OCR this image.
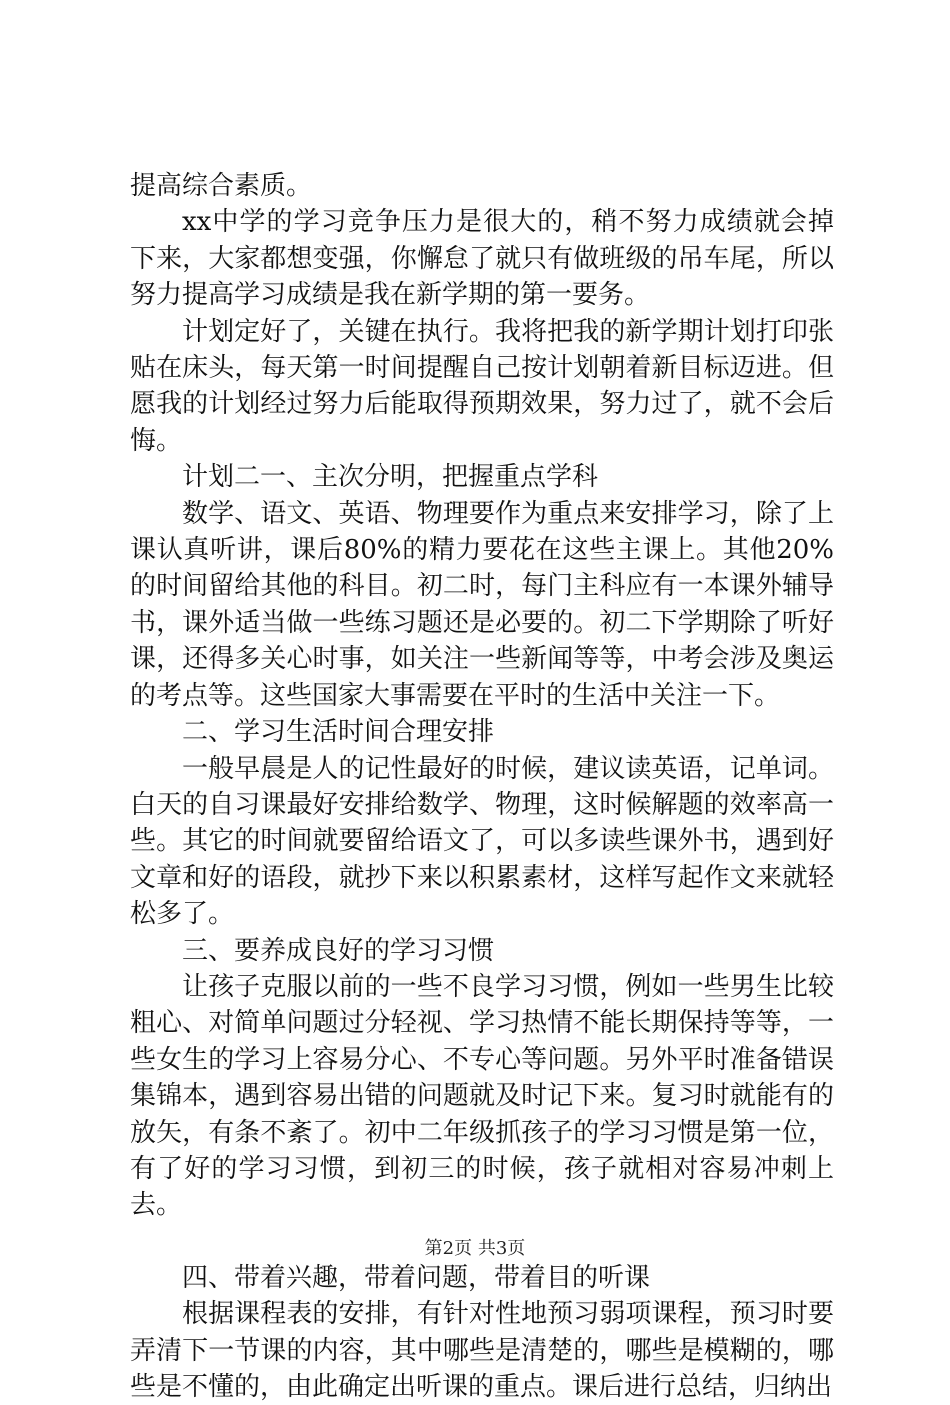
提高综合素质。

xx中学的学习竞争压力是很大的，稍不努力成绩就会掉下来，大家都想变强，你懈怠了就只有做班级的吊车尾，所以努力提高学习成绩是我在新学期的第一要务。

计划定好了，关键在执行。我将把我的新学期计划打印张贴在床头，每天第一时间提醒自己按计划朝着新目标迈进。但愿我的计划经过努力后能取得预期效果，努力过了，就不会后悔。

计划二一、主次分明，把握重点学科

数学、语文、英语、物理要作为重点来安排学习，除了上课认真听讲，课后80%的精力要花在这些主课上。其他20%的时间留给其他的科目。初二时，每门主科应有一本课外辅导书，课外适当做一些练习题还是必要的。初二下学期除了听好课，还得多关心时事，如关注一些新闻等等，中考会涉及奥运的考点等。这些国家大事需要在平时的生活中关注一下。

二、学习生活时间合理安排

一般早晨是人的记性最好的时候，建议读英语，记单词。白天的自习课最好安排给数学、物理，这时候解题的效率高一些。其它的时间就要留给语文了，可以多读些课外书，遇到好文章和好的语段，就抄下来以积累素材，这样写起作文来就轻松多了。

三、要养成良好的学习习惯

让孩子克服以前的一些不良学习习惯，例如一些男生比较粗心、对简单问题过分轻视、学习热情不能长期保持等等，一些女生的学习上容易分心、不专心等问题。另外平时准备错误集锦本，遇到容易出错的问题就及时记下来。复习时就能有的放矢，有条不紊了。初中二年级抓孩子的学习习惯是第一位，有了好的学习习惯，到初三的时候，孩子就相对容易冲刺上去。

四、带着兴趣，带着问题，带着目的听课

根据课程表的安排，有针对性地预习弱项课程，预习时要弄清下一节课的内容，其中哪些是清楚的，哪些是模糊的，哪些是不懂的，由此确定出听课的重点。课后进行总结，归纳出

第2页 共3页
